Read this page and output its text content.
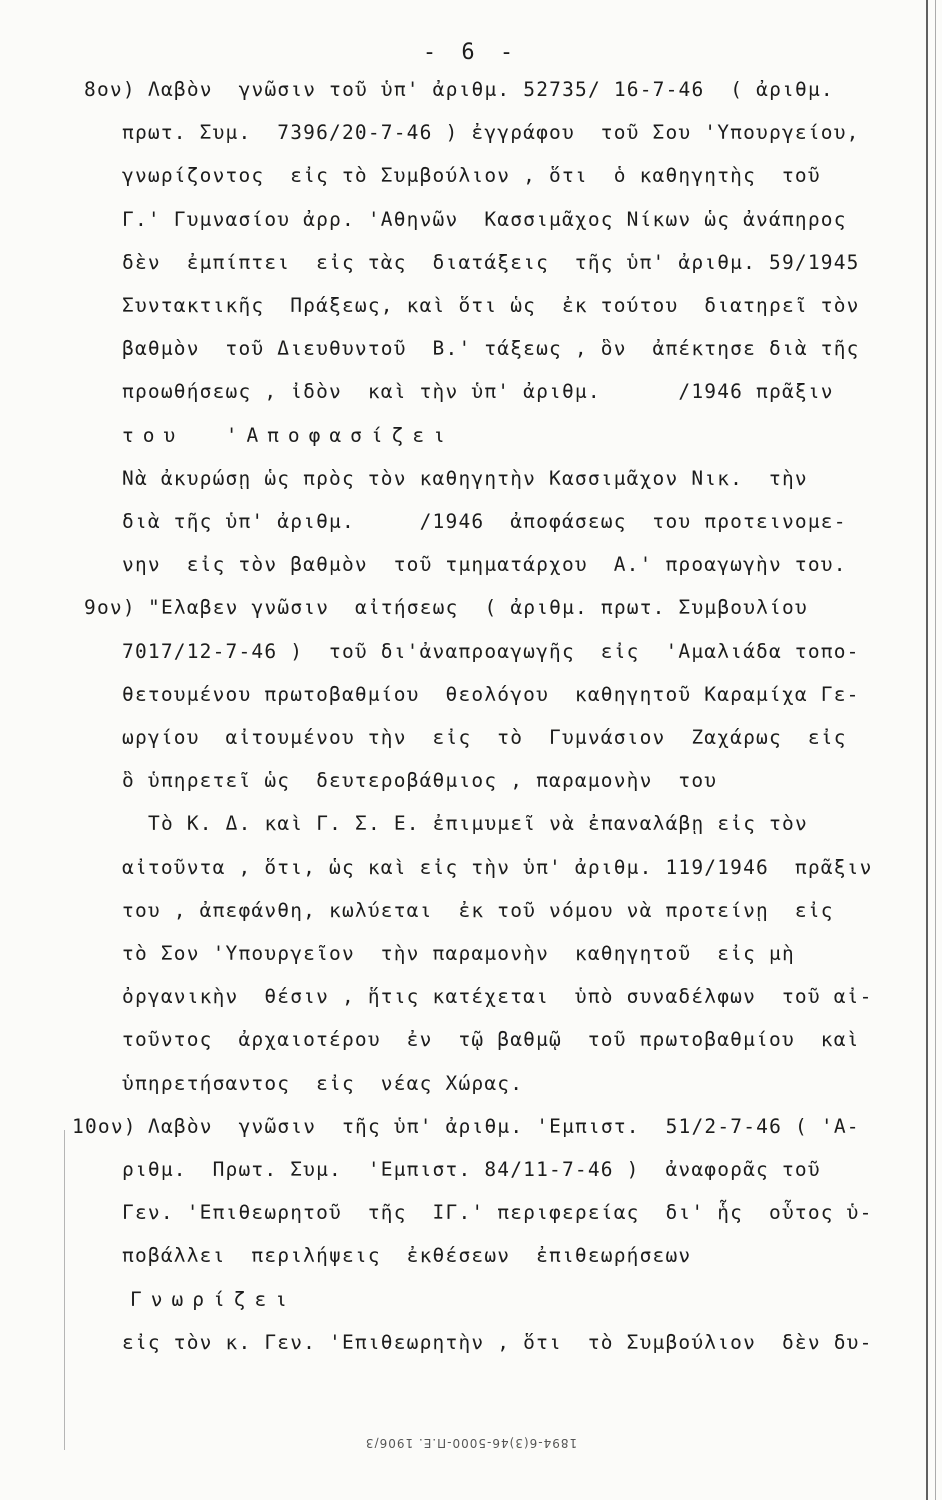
- 6 -
8ον) Λαβὸν  γνῶσιν τοῦ ὑπ' ἀριθμ. 52735/ 16-7-46  ( ἀριθμ.
πρωτ. Συμ.  7396/20-7-46 ) ἐγγράφου  τοῦ Σου 'Υπουργείου,
γνωρίζοντος  εἰς τὸ Συμβούλιον , ὅτι  ὁ καθηγητὴς  τοῦ
Γ.' Γυμνασίου ἀρρ. 'Αθηνῶν  Κασσιμᾶχος Νίκων ὡς ἀνάπηρος
δὲν  ἐμπίπτει  εἰς τὰς  διατάξεις  τῆς ὑπ' ἀριθμ. 59/1945
Συντακτικῆς  Πράξεως, καὶ ὅτι ὡς  ἐκ τούτου  διατηρεῖ τὸν
βαθμὸν  τοῦ Διευθυντοῦ  Β.' τάξεως , ὃν  ἀπέκτησε διὰ τῆς
προωθήσεως , ἰδὸν  καὶ τὴν ὑπ' ἀριθμ.      /1946 πρᾶξιν
του  'Αποφασίζει
Νὰ ἀκυρώσῃ ὡς πρὸς τὸν καθηγητὴν Κασσιμᾶχον Νικ.  τὴν
διὰ τῆς ὑπ' ἀριθμ.     /1946  ἀποφάσεως  του προτεινομε-
νην  εἰς τὸν βαθμὸν  τοῦ τμηματάρχου  Α.' προαγωγὴν του.
9ον) "Ελαβεν γνῶσιν  αἰτήσεως  ( ἀριθμ. πρωτ. Συμβουλίου
7017/12-7-46 )  τοῦ δι'ἀναπροαγωγῆς  εἰς  'Αμαλιάδα τοπο-
θετουμένου πρωτοβαθμίου  θεολόγου  καθηγητοῦ Καραμίχα Γε-
ωργίου  αἰτουμένου τὴν  εἰς  τὸ  Γυμνάσιον  Ζαχάρως  εἰς
ὃ ὑπηρετεῖ ὡς  δευτεροβάθμιος , παραμονὴν  του
Τὸ Κ. Δ. καὶ Γ. Σ. Ε. ἐπιμυμεῖ νὰ ἐπαναλάβῃ εἰς τὸν
αἰτοῦντα , ὅτι, ὡς καὶ εἰς τὴν ὑπ' ἀριθμ. 119/1946  πρᾶξιν
του , ἀπεφάνθη, κωλύεται  ἐκ τοῦ νόμου νὰ προτείνῃ  εἰς
τὸ Σον 'Υπουργεῖον  τὴν παραμονὴν  καθηγητοῦ  εἰς μὴ
ὀργανικὴν  θέσιν , ἥτις κατέχεται  ὑπὸ συναδέλφων  τοῦ αἰ-
τοῦντος  ἀρχαιοτέρου  ἐν  τῷ βαθμῷ  τοῦ πρωτοβαθμίου  καὶ
ὑπηρετήσαντος  εἰς  νέας Χώρας.
10ον) Λαβὸν  γνῶσιν  τῆς ὑπ' ἀριθμ. 'Εμπιστ.  51/2-7-46 ( 'Α-
ριθμ.  Πρωτ. Συμ.  'Εμπιστ. 84/11-7-46 )  ἀναφορᾶς τοῦ
Γεν. 'Επιθεωρητοῦ  τῆς  ΙΓ.' περιφερείας  δι' ἧς  οὗτος ὑ-
ποβάλλει  περιλήψεις  ἐκθέσεων  ἐπιθεωρήσεων
Γνωρίζει
εἰς τὸν κ. Γεν. 'Επιθεωρητὴν , ὅτι  τὸ Συμβούλιον  δὲν δυ-
1894-6(3)46-5000-Π.Ε. 1906/3
